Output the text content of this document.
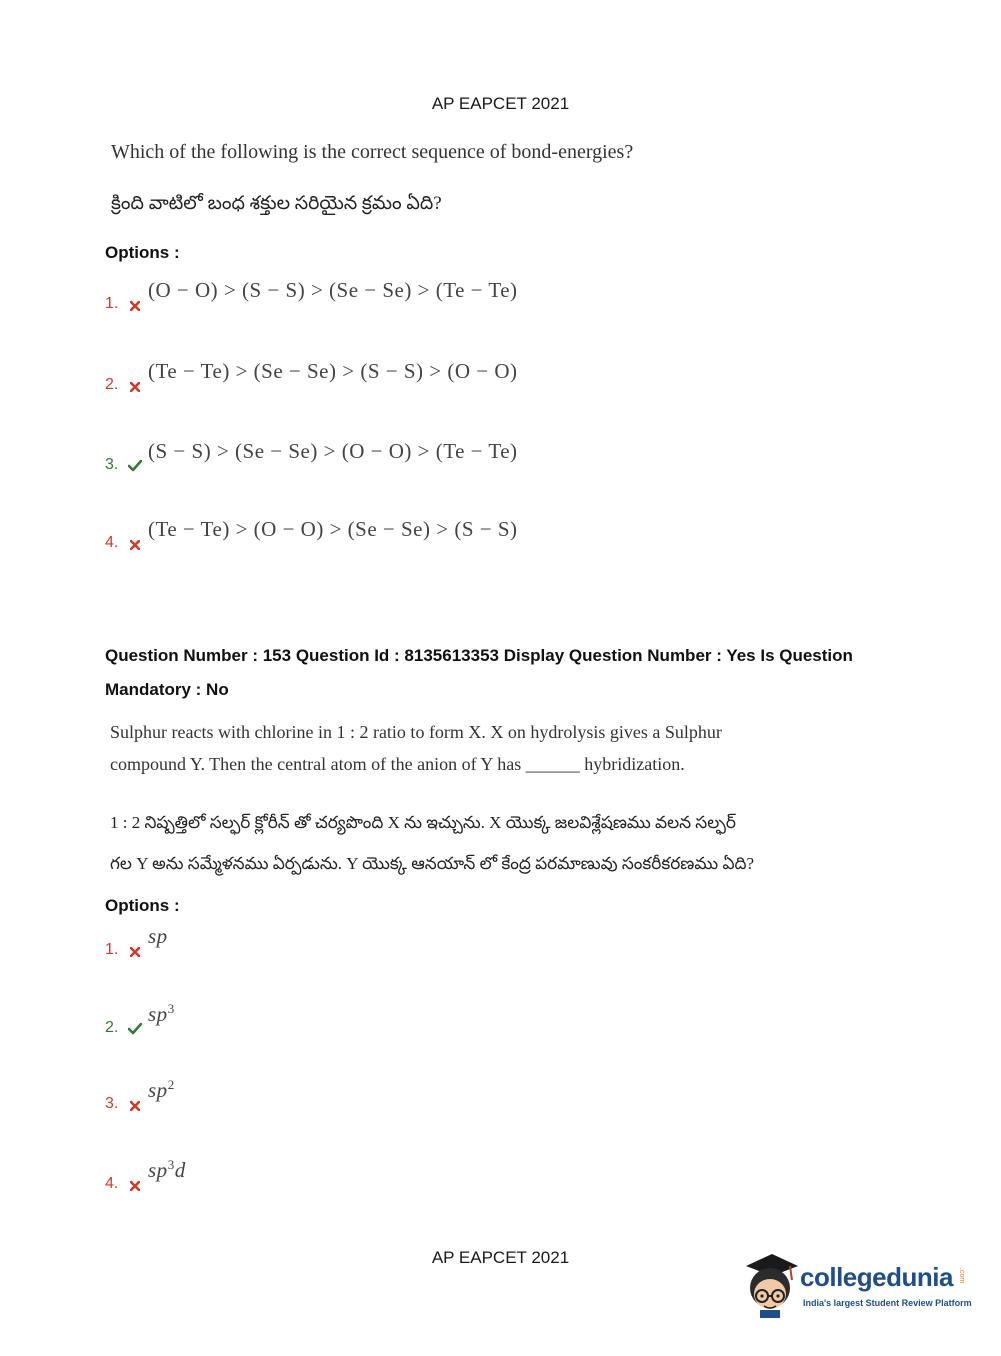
AP EAPCET 2021
Which of the following is the correct sequence of bond-energies?
క్రింది వాటిలో బంధ శక్తుల సరియైన క్రమం ఏది?
Options :
1.
(O − O) > (S − S) > (Se − Se) > (Te − Te)
2.
(Te − Te) > (Se − Se) > (S − S) > (O − O)
3.
(S − S) > (Se − Se) > (O − O) > (Te − Te)
4.
(Te − Te) > (O − O) > (Se − Se) > (S − S)
Question Number : 153 Question Id : 8135613353 Display Question Number : Yes Is Question
Mandatory : No
Sulphur reacts with chlorine in 1 : 2 ratio to form X. X on hydrolysis gives a Sulphur
compound Y. Then the central atom of the anion of Y has ______ hybridization.
1 : 2 నిష్పత్తిలో సల్ఫర్ క్లోరీన్ తో చర్యపొంది X ను ఇచ్చును. X యొక్క జలవిశ్లేషణము వలన సల్ఫర్
గల Y అను సమ్మేళనము ఏర్పడును. Y యొక్క ఆనయాన్ లో కేంద్ర పరమాణువు సంకరీకరణము ఏది?
Options :
1.
sp
2.
$sp^3$
3.
$sp^2$
4.
$sp^3d$
AP EAPCET 2021
collegedunia .com
India's largest Student Review Platform
